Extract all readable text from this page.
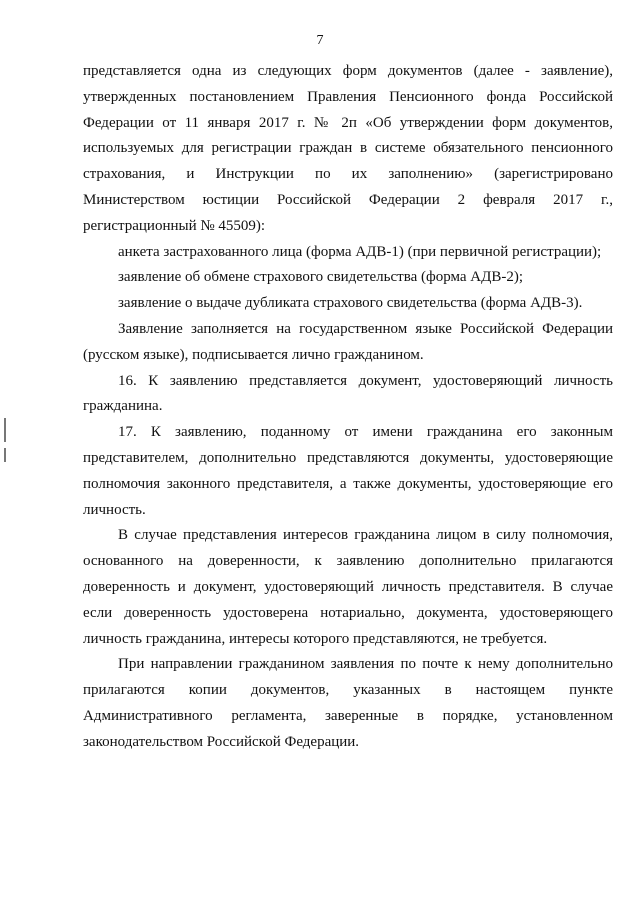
7

представляется одна из следующих форм документов (далее - заявление), утвержденных постановлением Правления Пенсионного фонда Российской Федерации от 11 января 2017 г. № 2п «Об утверждении форм документов, используемых для регистрации граждан в системе обязательного пенсионного страхования, и Инструкции по их заполнению» (зарегистрировано Министерством юстиции Российской Федерации 2 февраля 2017 г., регистрационный № 45509):

анкета застрахованного лица (форма АДВ-1) (при первичной регистрации);

заявление об обмене страхового свидетельства (форма АДВ-2);

заявление о выдаче дубликата страхового свидетельства (форма АДВ-3).

Заявление заполняется на государственном языке Российской Федерации (русском языке), подписывается лично гражданином.

16. К заявлению представляется документ, удостоверяющий личность гражданина.

17. К заявлению, поданному от имени гражданина его законным представителем, дополнительно представляются документы, удостоверяющие полномочия законного представителя, а также документы, удостоверяющие его личность.

В случае представления интересов гражданина лицом в силу полномочия, основанного на доверенности, к заявлению дополнительно прилагаются доверенность и документ, удостоверяющий личность представителя. В случае если доверенность удостоверена нотариально, документа, удостоверяющего личность гражданина, интересы которого представляются, не требуется.

При направлении гражданином заявления по почте к нему дополнительно прилагаются копии документов, указанных в настоящем пункте Административного регламента, заверенные в порядке, установленном законодательством Российской Федерации.
